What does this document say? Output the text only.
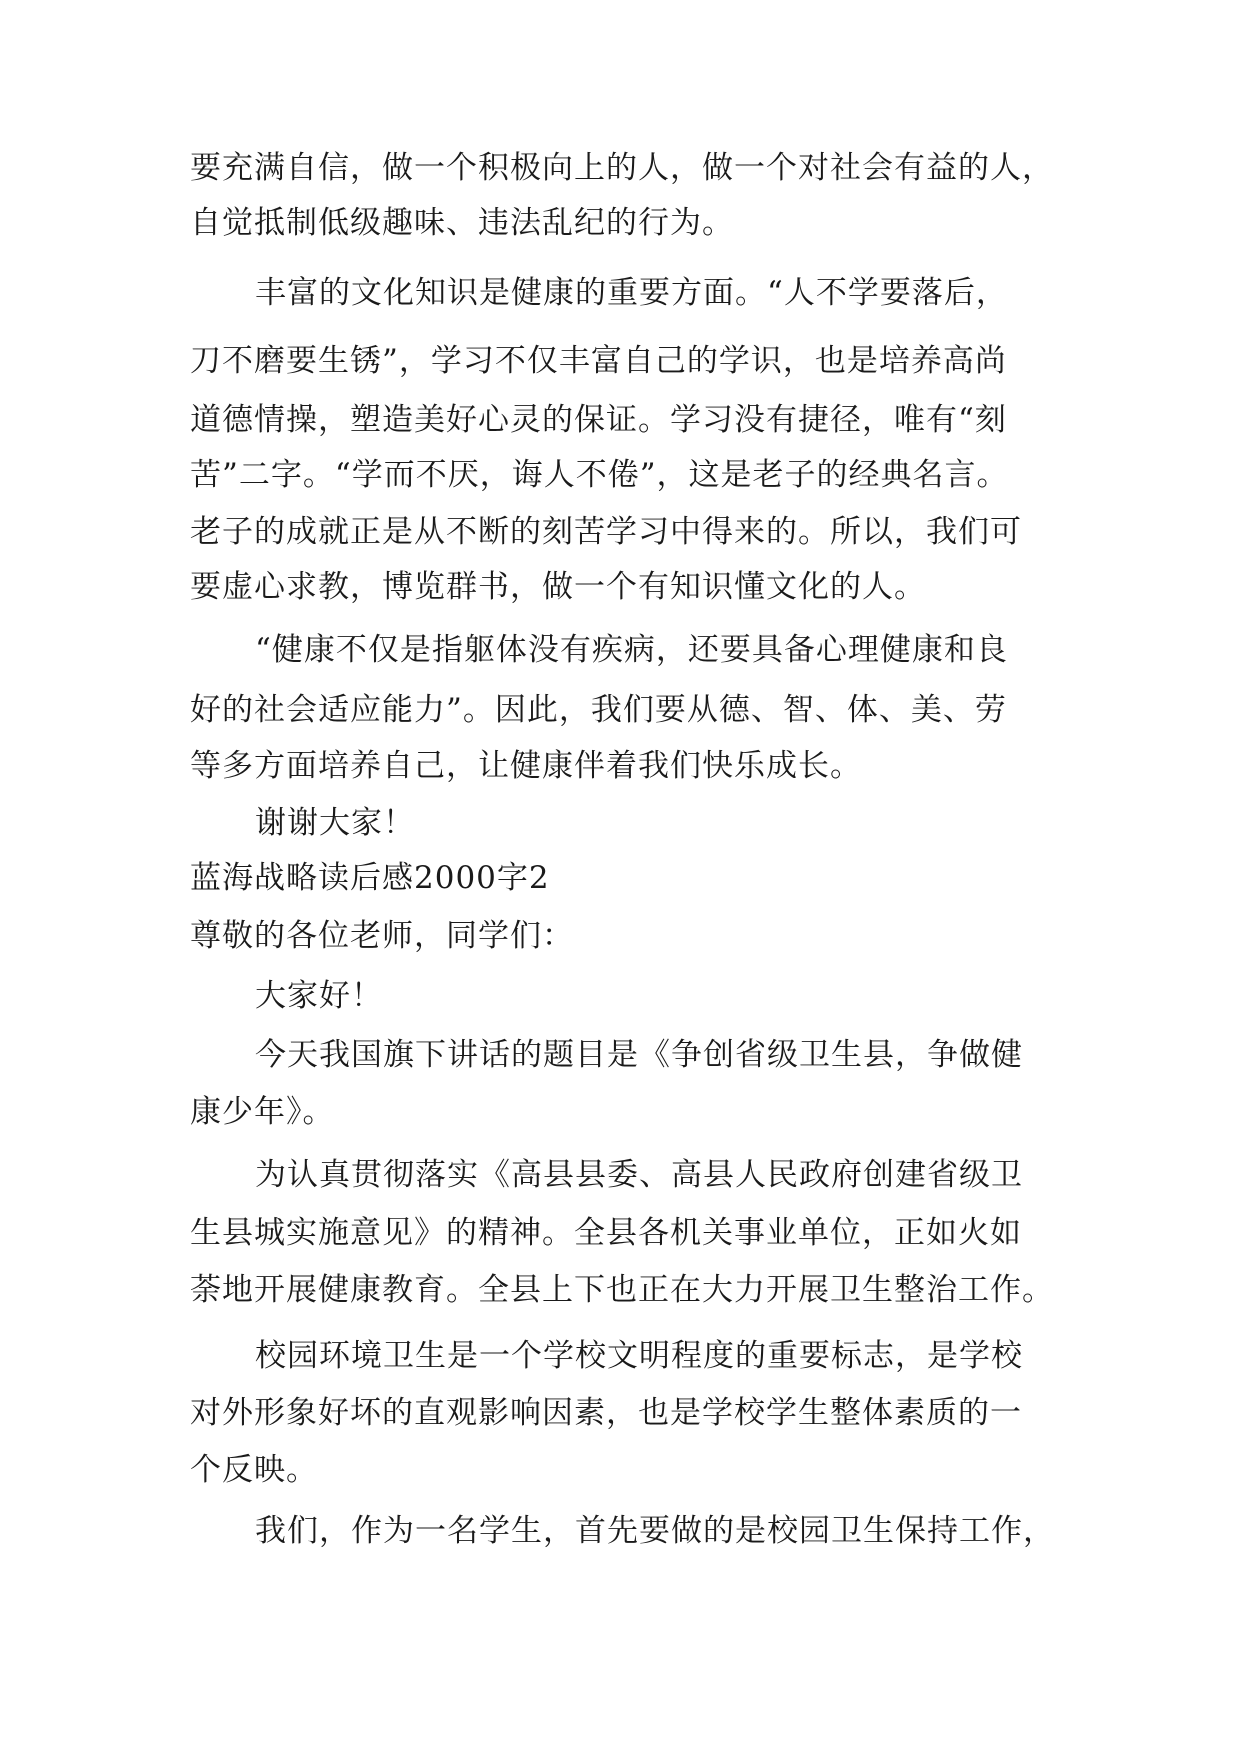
要充满自信，做一个积极向上的人，做一个对社会有益的人，
自觉抵制低级趣味、违法乱纪的行为。
丰富的文化知识是健康的重要方面。“人不学要落后，
刀不磨要生锈”，学习不仅丰富自己的学识，也是培养高尚
道德情操，塑造美好心灵的保证。学习没有捷径，唯有“刻
苦”二字。“学而不厌，诲人不倦”，这是老子的经典名言。
老子的成就正是从不断的刻苦学习中得来的。所以，我们可
要虚心求教，博览群书，做一个有知识懂文化的人。
“健康不仅是指躯体没有疾病，还要具备心理健康和良
好的社会适应能力”。因此，我们要从德、智、体、美、劳
等多方面培养自己，让健康伴着我们快乐成长。
谢谢大家！
蓝海战略读后感2000字2
尊敬的各位老师，同学们：
大家好！
今天我国旗下讲话的题目是《争创省级卫生县，争做健
康少年》。
为认真贯彻落实《高县县委、高县人民政府创建省级卫
生县城实施意见》的精神。全县各机关事业单位，正如火如
荼地开展健康教育。全县上下也正在大力开展卫生整治工作。
校园环境卫生是一个学校文明程度的重要标志，是学校
对外形象好坏的直观影响因素，也是学校学生整体素质的一
个反映。
我们，作为一名学生，首先要做的是校园卫生保持工作，
